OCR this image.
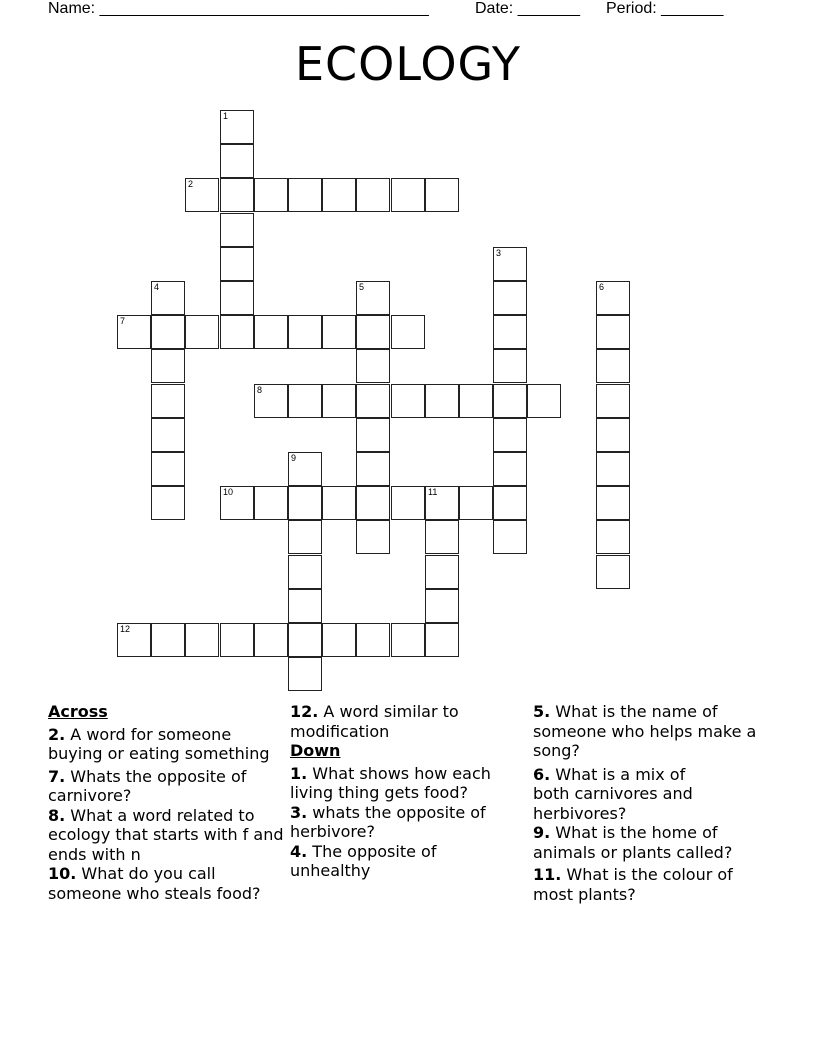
Name: _____________________________________	Date: _______ Period: _______
ECOLOGY
1
2
3
4	5	6
7
8
9
10	11
12
Across
2. A word for someone buying or eating something
7. Whats the opposite of carnivore?
8. What a word related to ecology that starts with f and ends with n
10. What do you call someone who steals food?
12. A word similar to modification
Down
1. What shows how each living thing gets food?
3. whats the opposite of herbivore?
4. The opposite of unhealthy
5. What is the name of someone who helps make a song?
6. What is a mix of both carnivores and herbivores?
9. What is the home of animals or plants called?
11. What is the colour of most plants?
